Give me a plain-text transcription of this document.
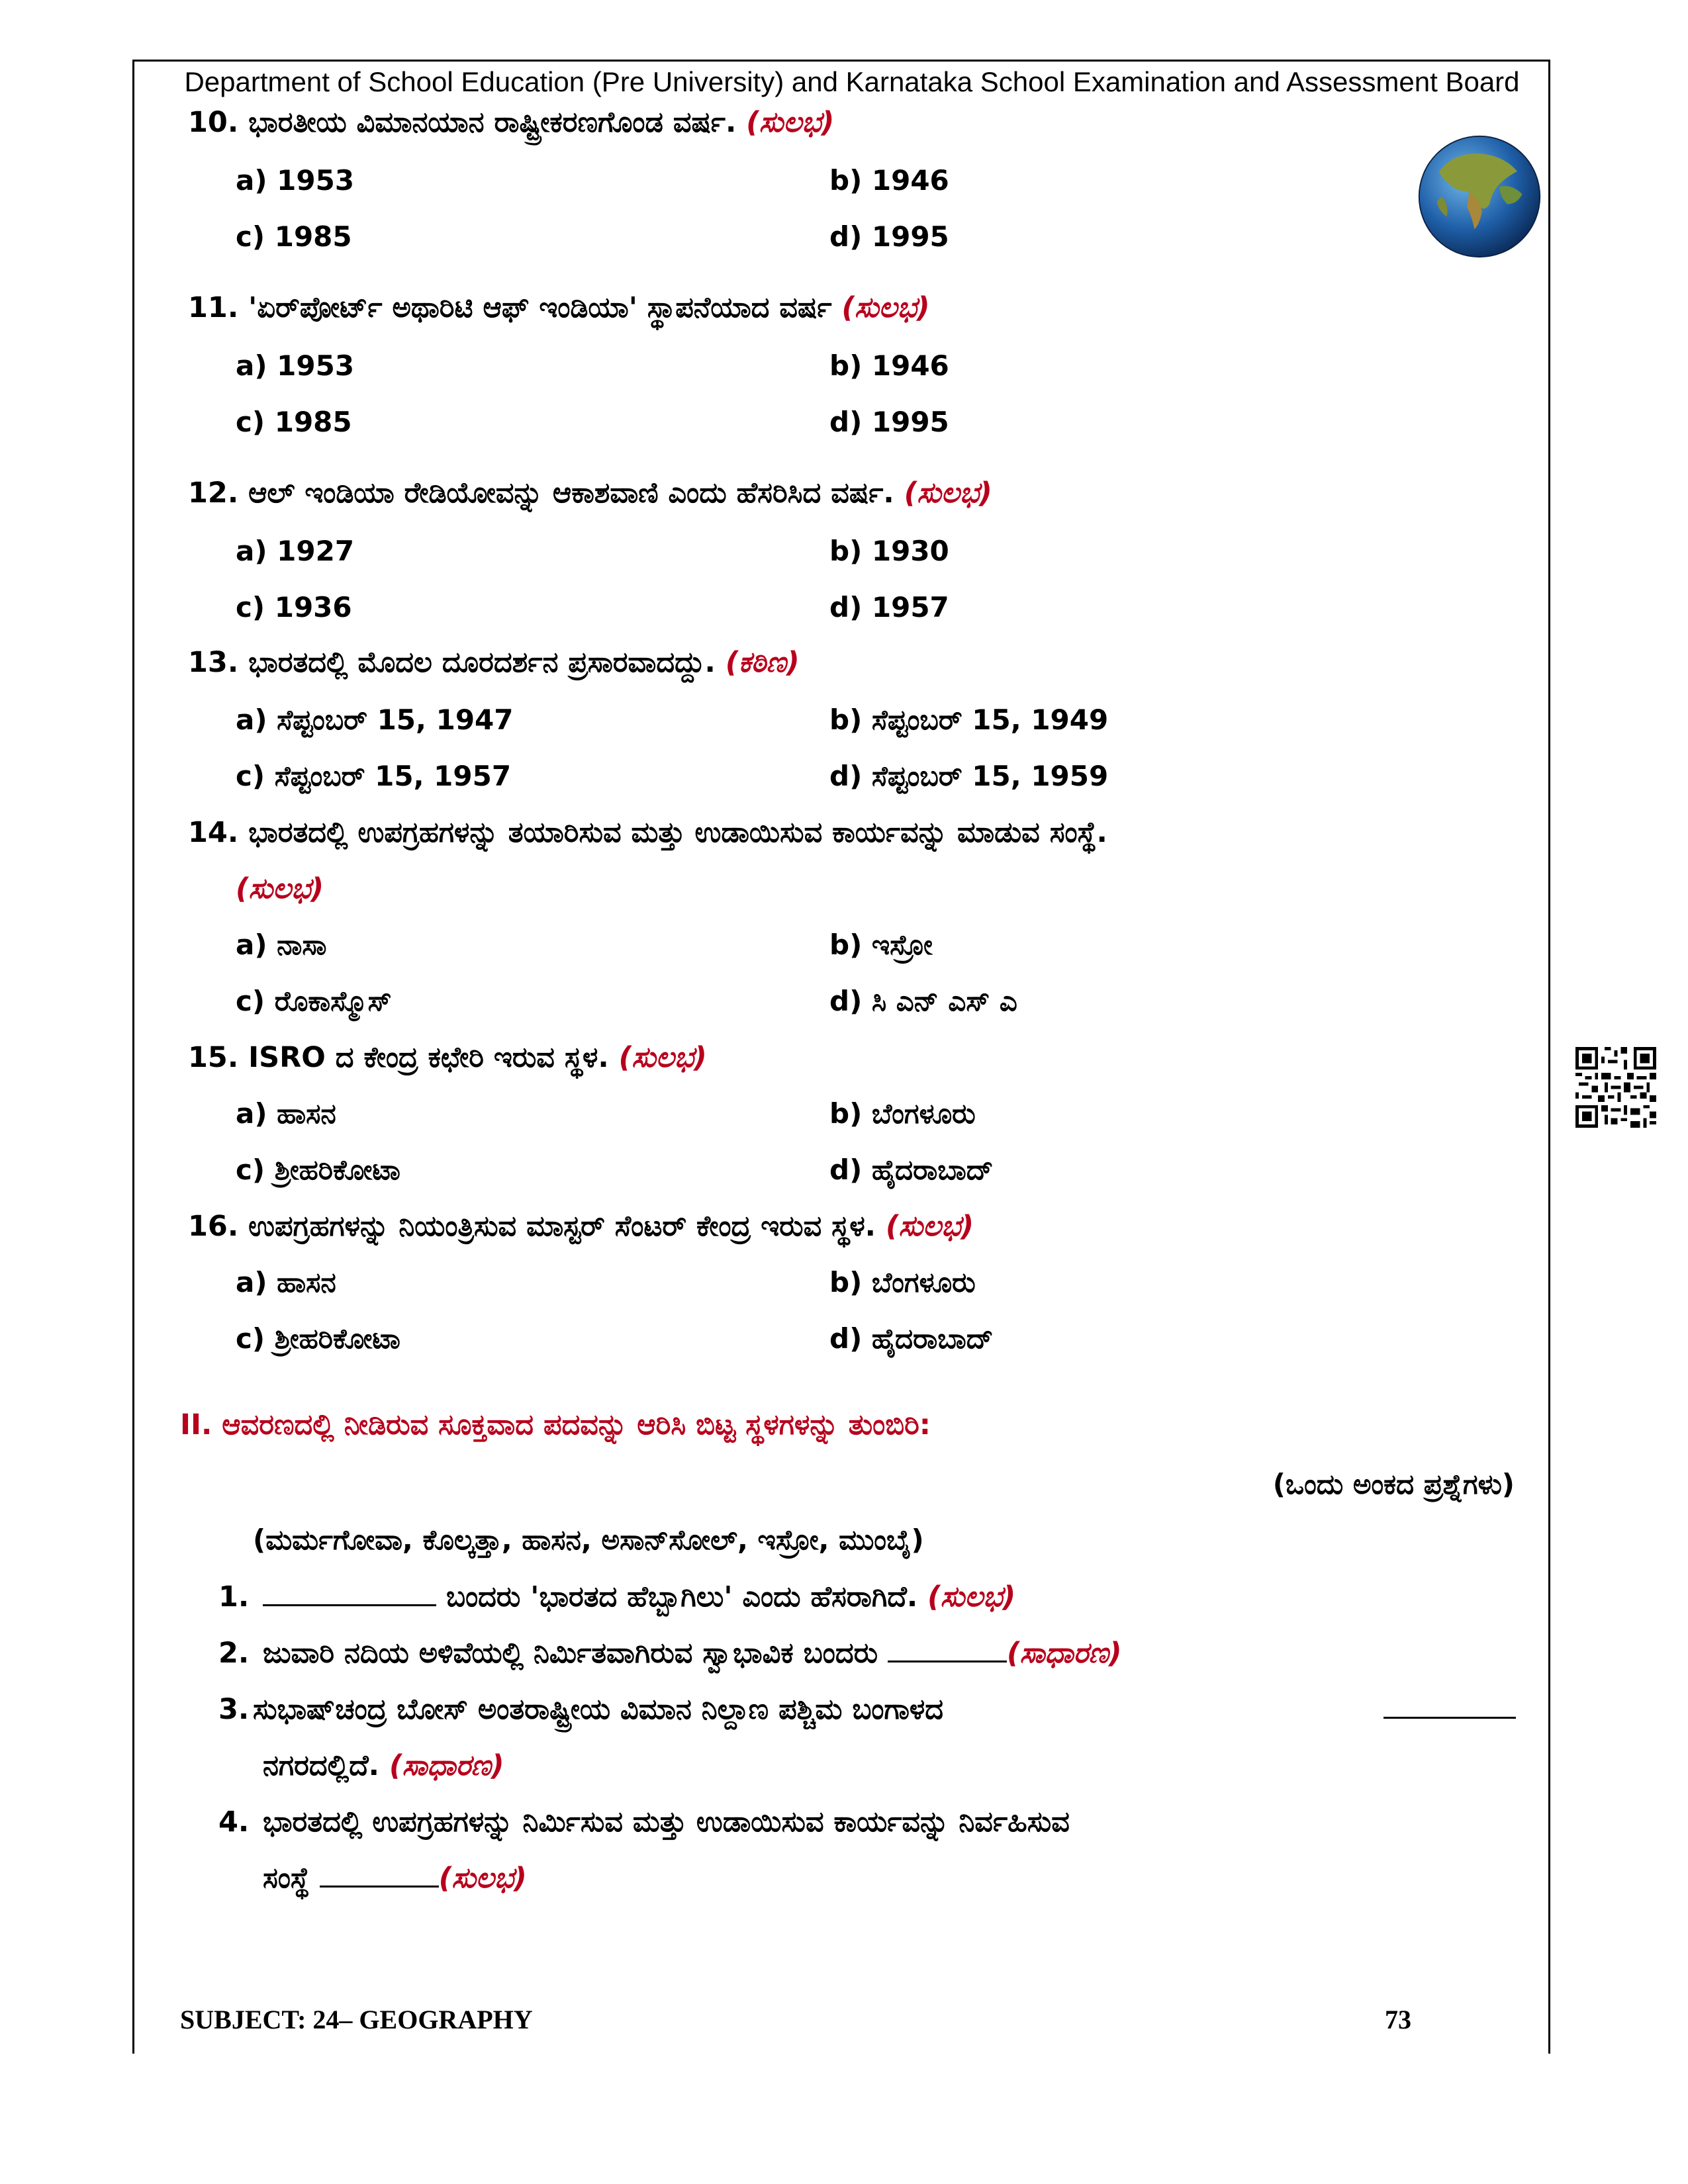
Department of School Education (Pre University) and Karnataka School Examination and Assessment Board
10. ಭಾರತೀಯ ವಿಮಾನಯಾನ ರಾಷ್ಟ್ರೀಕರಣಗೊಂಡ ವರ್ಷ. (ಸುಲಭ)
a) 1953	b) 1946
c) 1985	d) 1995
11. 'ಏರ್‌ಪೋರ್ಟ್ ಅಥಾರಿಟಿ ಆಫ್ ಇಂಡಿಯಾ' ಸ್ಥಾಪನೆಯಾದ ವರ್ಷ (ಸುಲಭ)
a) 1953	b) 1946
c) 1985	d) 1995
12. ಆಲ್ ಇಂಡಿಯಾ ರೇಡಿಯೋವನ್ನು ಆಕಾಶವಾಣಿ ಎಂದು ಹೆಸರಿಸಿದ ವರ್ಷ. (ಸುಲಭ)
a) 1927	b) 1930
c) 1936	d) 1957
13. ಭಾರತದಲ್ಲಿ ಮೊದಲ ದೂರದರ್ಶನ ಪ್ರಸಾರವಾದದ್ದು. (ಕಠಿಣ)
a) ಸೆಪ್ಟಂಬರ್ 15, 1947	b) ಸೆಪ್ಟಂಬರ್ 15, 1949
c) ಸೆಪ್ಟಂಬರ್ 15, 1957	d) ಸೆಪ್ಟಂಬರ್ 15, 1959
14. ಭಾರತದಲ್ಲಿ ಉಪಗ್ರಹಗಳನ್ನು ತಯಾರಿಸುವ ಮತ್ತು ಉಡಾಯಿಸುವ ಕಾರ್ಯವನ್ನು ಮಾಡುವ ಸಂಸ್ಥೆ.
(ಸುಲಭ)
a) ನಾಸಾ	b) ಇಸ್ರೋ
c) ರೊಕಾಸ್ಮೊಸ್	d) ಸಿ ಎನ್ ಎಸ್ ಎ
15. ISRO ದ ಕೇಂದ್ರ ಕಛೇರಿ ಇರುವ ಸ್ಥಳ. (ಸುಲಭ)
a) ಹಾಸನ	b) ಬೆಂಗಳೂರು
c) ಶ್ರೀಹರಿಕೋಟಾ	d) ಹೈದರಾಬಾದ್
16. ಉಪಗ್ರಹಗಳನ್ನು ನಿಯಂತ್ರಿಸುವ ಮಾಸ್ಟರ್ ಸೆಂಟರ್ ಕೇಂದ್ರ ಇರುವ ಸ್ಥಳ. (ಸುಲಭ)
a) ಹಾಸನ	b) ಬೆಂಗಳೂರು
c) ಶ್ರೀಹರಿಕೋಟಾ	d) ಹೈದರಾಬಾದ್
II. ಆವರಣದಲ್ಲಿ ನೀಡಿರುವ ಸೂಕ್ತವಾದ ಪದವನ್ನು ಆರಿಸಿ ಬಿಟ್ಟ ಸ್ಥಳಗಳನ್ನು ತುಂಬಿರಿ:
(ಒಂದು ಅಂಕದ ಪ್ರಶ್ನೆಗಳು)
(ಮರ್ಮಗೋವಾ, ಕೊಲ್ಕತ್ತಾ, ಹಾಸನ, ಅಸಾನ್‌ಸೋಲ್, ಇಸ್ರೋ, ಮುಂಬೈ)
1.	ಬಂದರು 'ಭಾರತದ ಹೆಬ್ಬಾಗಿಲು' ಎಂದು ಹೆಸರಾಗಿದೆ. (ಸುಲಭ)
2. ಜುವಾರಿ ನದಿಯ ಅಳಿವೆಯಲ್ಲಿ ನಿರ್ಮಿತವಾಗಿರುವ ಸ್ವಾಭಾವಿಕ ಬಂದರು	(ಸಾಧಾರಣ)
3. ಸುಭಾಷ್‌ಚಂದ್ರ ಬೋಸ್ ಅಂತರಾಷ್ಟ್ರೀಯ ವಿಮಾನ ನಿಲ್ದಾಣ ಪಶ್ಚಿಮ ಬಂಗಾಳದ
ನಗರದಲ್ಲಿದೆ. (ಸಾಧಾರಣ)
4. ಭಾರತದಲ್ಲಿ ಉಪಗ್ರಹಗಳನ್ನು ನಿರ್ಮಿಸುವ ಮತ್ತು ಉಡಾಯಿಸುವ ಕಾರ್ಯವನ್ನು ನಿರ್ವಹಿಸುವ
ಸಂಸ್ಥೆ	(ಸುಲಭ)
SUBJECT: 24– GEOGRAPHY	73
